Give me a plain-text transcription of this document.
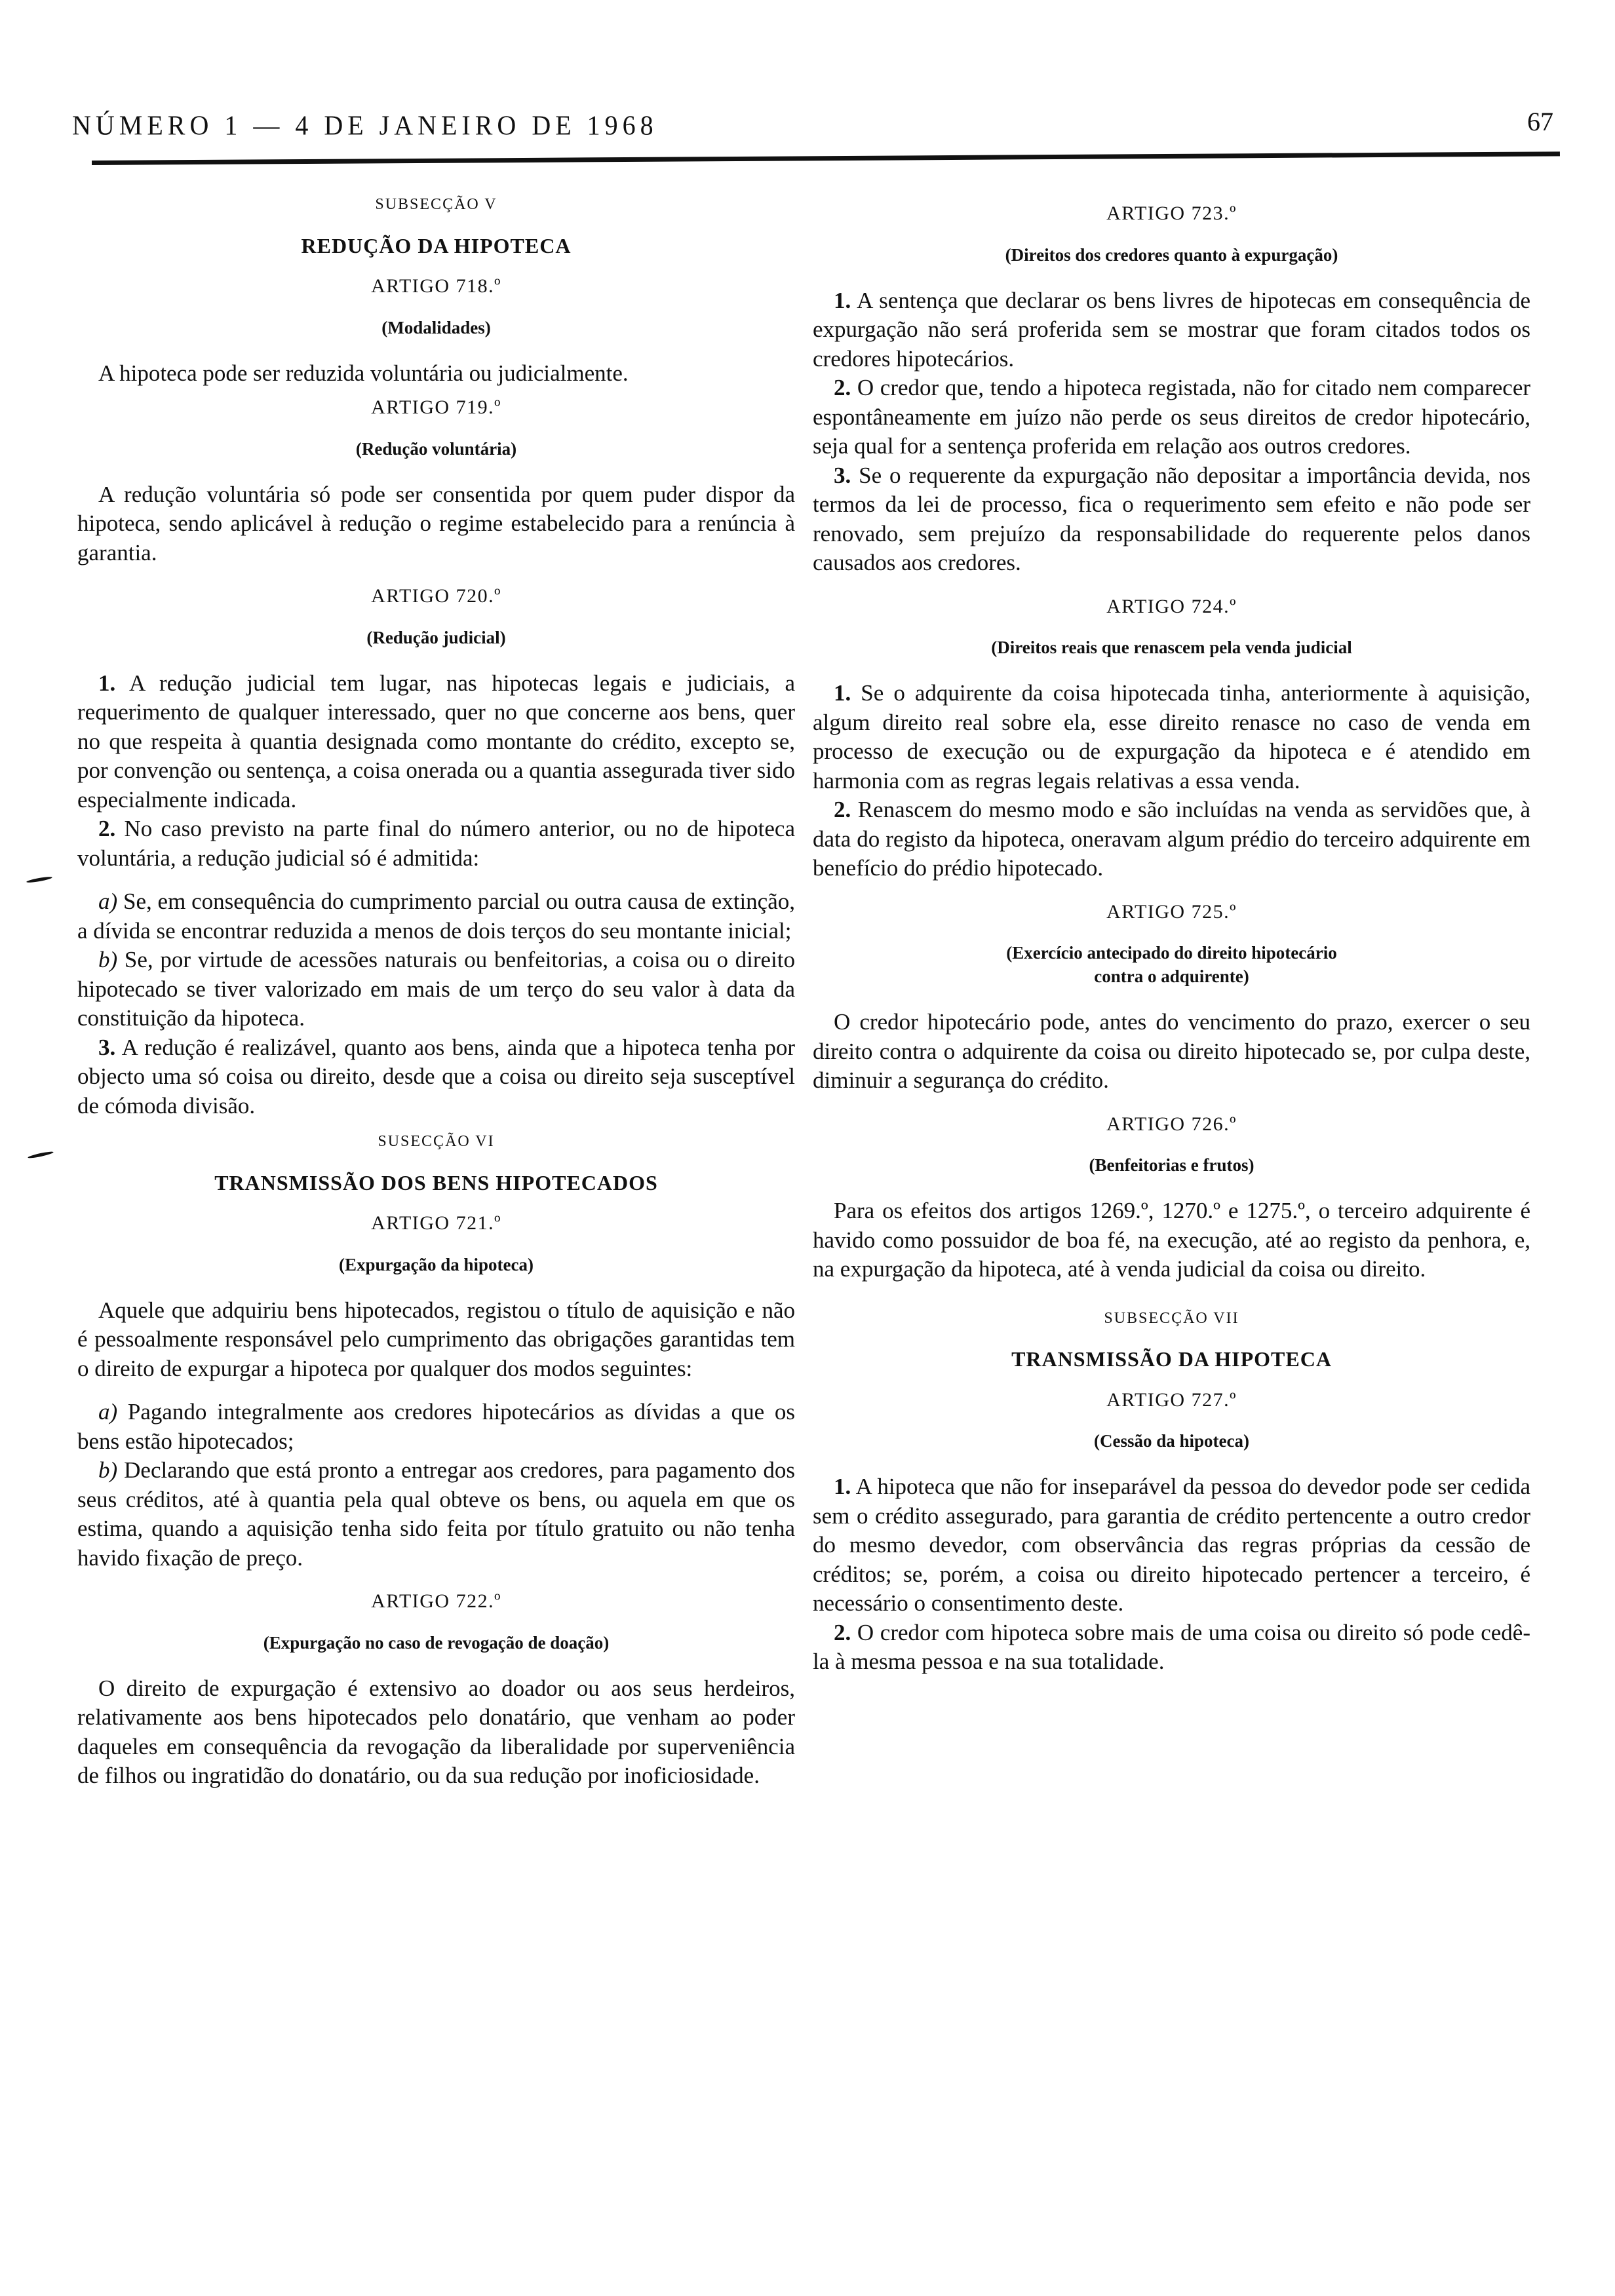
NÚMERO 1 — 4 DE JANEIRO DE 1968	67
SUBSECÇÃO V
REDUÇÃO DA HIPOTECA
ARTIGO 718.º
(Modalidades)

A hipoteca pode ser reduzida voluntária ou judicialmente.

ARTIGO 719.º
(Redução voluntária)

A redução voluntária só pode ser consentida por quem puder dispor da hipoteca, sendo aplicável à redução o regime estabelecido para a renúncia à garantia.

ARTIGO 720.º
(Redução judicial)

1. A redução judicial tem lugar, nas hipotecas legais e judiciais, a requerimento de qualquer interessado, quer no que concerne aos bens, quer no que respeita à quantia designada como montante do crédito, excepto se, por convenção ou sentença, a coisa onerada ou a quantia assegurada tiver sido especialmente indicada.

2. No caso previsto na parte final do número anterior, ou no de hipoteca voluntária, a redução judicial só é admitida:

a) Se, em consequência do cumprimento parcial ou outra causa de extinção, a dívida se encontrar reduzida a menos de dois terços do seu montante inicial;

b) Se, por virtude de acessões naturais ou benfeitorias, a coisa ou o direito hipotecado se tiver valorizado em mais de um terço do seu valor à data da constituição da hipoteca.

3. A redução é realizável, quanto aos bens, ainda que a hipoteca tenha por objecto uma só coisa ou direito, desde que a coisa ou direito seja susceptível de cómoda divisão.

SUSECÇÃO VI
TRANSMISSÃO DOS BENS HIPOTECADOS
ARTIGO 721.º
(Expurgação da hipoteca)

Aquele que adquiriu bens hipotecados, registou o título de aquisição e não é pessoalmente responsável pelo cumprimento das obrigações garantidas tem o direito de expurgar a hipoteca por qualquer dos modos seguintes:

a) Pagando integralmente aos credores hipotecários as dívidas a que os bens estão hipotecados;

b) Declarando que está pronto a entregar aos credores, para pagamento dos seus créditos, até à quantia pela qual obteve os bens, ou aquela em que os estima, quando a aquisição tenha sido feita por título gratuito ou não tenha havido fixação de preço.

ARTIGO 722.º
(Expurgação no caso de revogação de doação)

O direito de expurgação é extensivo ao doador ou aos seus herdeiros, relativamente aos bens hipotecados pelo donatário, que venham ao poder daqueles em consequência da revogação da liberalidade por superveniência de filhos ou ingratidão do donatário, ou da sua redução por inoficiosidade.

ARTIGO 723.º
(Direitos dos credores quanto à expurgação)

1. A sentença que declarar os bens livres de hipotecas em consequência de expurgação não será proferida sem se mostrar que foram citados todos os credores hipotecários.

2. O credor que, tendo a hipoteca registada, não for citado nem comparecer espontâneamente em juízo não perde os seus direitos de credor hipotecário, seja qual for a sentença proferida em relação aos outros credores.

3. Se o requerente da expurgação não depositar a importância devida, nos termos da lei de processo, fica o requerimento sem efeito e não pode ser renovado, sem prejuízo da responsabilidade do requerente pelos danos causados aos credores.

ARTIGO 724.º
(Direitos reais que renascem pela venda judicial

1. Se o adquirente da coisa hipotecada tinha, anteriormente à aquisição, algum direito real sobre ela, esse direito renasce no caso de venda em processo de execução ou de expurgação da hipoteca e é atendido em harmonia com as regras legais relativas a essa venda.

2. Renascem do mesmo modo e são incluídas na venda as servidões que, à data do registo da hipoteca, oneravam algum prédio do terceiro adquirente em benefício do prédio hipotecado.

ARTIGO 725.º
(Exercício antecipado do direito hipotecário
contra o adquirente)

O credor hipotecário pode, antes do vencimento do prazo, exercer o seu direito contra o adquirente da coisa ou direito hipotecado se, por culpa deste, diminuir a segurança do crédito.

ARTIGO 726.º
(Benfeitorias e frutos)

Para os efeitos dos artigos 1269.º, 1270.º e 1275.º, o terceiro adquirente é havido como possuidor de boa fé, na execução, até ao registo da penhora, e, na expurgação da hipoteca, até à venda judicial da coisa ou direito.

SUBSECÇÃO VII
TRANSMISSÃO DA HIPOTECA
ARTIGO 727.º
(Cessão da hipoteca)

1. A hipoteca que não for inseparável da pessoa do devedor pode ser cedida sem o crédito assegurado, para garantia de crédito pertencente a outro credor do mesmo devedor, com observância das regras próprias da cessão de créditos; se, porém, a coisa ou direito hipotecado pertencer a terceiro, é necessário o consentimento deste.

2. O credor com hipoteca sobre mais de uma coisa ou direito só pode cedê-la à mesma pessoa e na sua totalidade.
